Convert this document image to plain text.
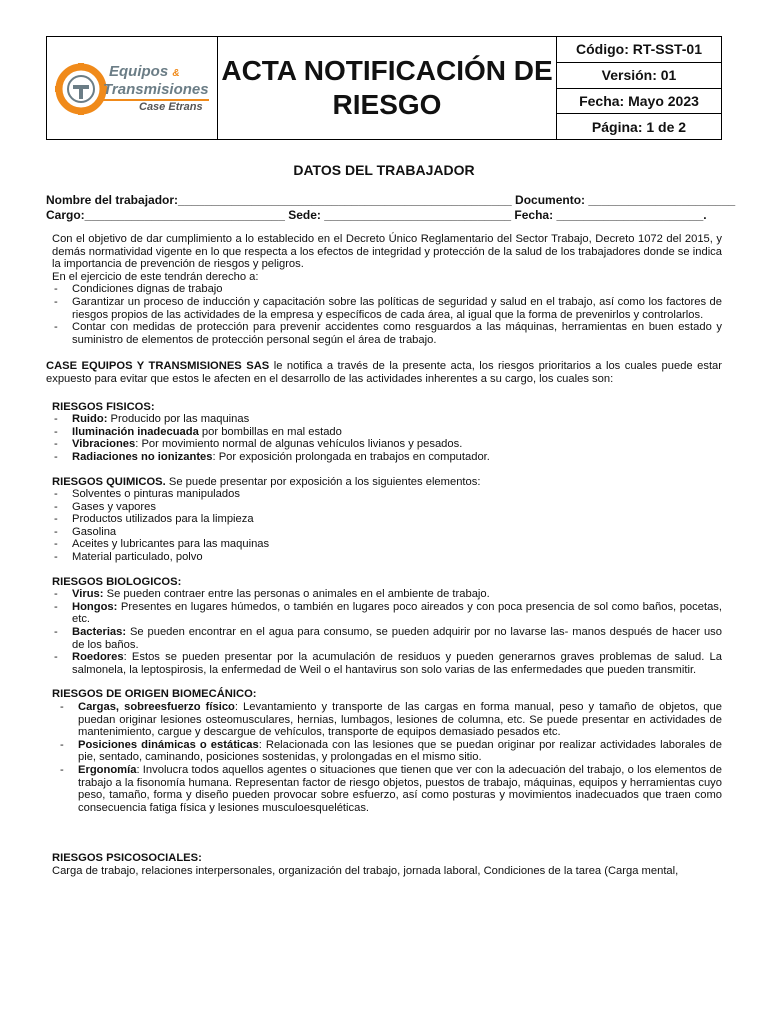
Equipos &
Transmisiones
Case Etrans
ACTA NOTIFICACIÓN DE
RIESGO
Código: RT-SST-01
Versión: 01
Fecha: Mayo 2023
Página: 1 de 2
DATOS DEL TRABAJADOR
Nombre del trabajador:__________________________________________________ Documento: ______________________
Cargo:______________________________ Sede: ____________________________ Fecha: ______________________.

Con el objetivo de dar cumplimiento a lo establecido en el Decreto Único Reglamentario del Sector Trabajo, Decreto 1072 del 2015, y demás normatividad vigente en lo que respecta a los efectos de integridad y protección de la salud de los trabajadores donde se indica la importancia de prevención de riesgos y peligros.

En el ejercicio de este tendrán derecho a:

- Condiciones dignas de trabajo
- Garantizar un proceso de inducción y capacitación sobre las políticas de seguridad y salud en el trabajo, así como los factores de riesgos propios de las actividades de la empresa y específicos de cada área, al igual que la forma de prevenirlos y controlarlos.
- Contar con medidas de protección para prevenir accidentes como resguardos a las máquinas, herramientas en buen estado y suministro de elementos de protección personal según el área de trabajo.

CASE EQUIPOS Y TRANSMISIONES SAS le notifica a través de la presente acta, los riesgos prioritarios a los cuales puede estar expuesto para evitar que estos le afecten en el desarrollo de las actividades inherentes a su cargo, los cuales son:

RIESGOS FISICOS:

- Ruido: Producido por las maquinas
- Iluminación inadecuada por bombillas en mal estado
- Vibraciones: Por movimiento normal de algunas vehículos livianos y pesados.
- Radiaciones no ionizantes: Por exposición prolongada en trabajos en computador.

RIESGOS QUIMICOS. Se puede presentar por exposición a los siguientes elementos:

- Solventes o pinturas manipulados
- Gases y vapores
- Productos utilizados para la limpieza
- Gasolina
- Aceites y lubricantes para las maquinas
- Material particulado, polvo

RIESGOS BIOLOGICOS:

- Virus: Se pueden contraer entre las personas o animales en el ambiente de trabajo.
- Hongos: Presentes en lugares húmedos, o también en lugares poco aireados y con poca presencia de sol como baños, pocetas, etc.
- Bacterias: Se pueden encontrar en el agua para consumo, se pueden adquirir por no lavarse las- manos después de hacer uso de los baños.
- Roedores: Estos se pueden presentar por la acumulación de residuos y pueden generarnos graves problemas de salud. La salmonela, la leptospirosis, la enfermedad de Weil o el hantavirus son solo varias de las enfermedades que pueden transmitir.

RIESGOS DE ORIGEN BIOMECÁNICO:

- Cargas, sobreesfuerzo físico: Levantamiento y transporte de las cargas en forma manual, peso y tamaño de objetos, que puedan originar lesiones osteomusculares, hernias, lumbagos, lesiones de columna, etc. Se puede presentar en actividades de mantenimiento, cargue y descargue de vehículos, transporte de equipos demasiado pesados etc.
- Posiciones dinámicas o estáticas: Relacionada con las lesiones que se puedan originar por realizar actividades laborales de pie, sentado, caminando, posiciones sostenidas, y prolongadas en el mismo sitio.
- Ergonomía: Involucra todos aquellos agentes o situaciones que tienen que ver con la adecuación del trabajo, o los elementos de trabajo a la fisonomía humana. Representan factor de riesgo objetos, puestos de trabajo, máquinas, equipos y herramientas cuyo peso, tamaño, forma y diseño pueden provocar sobre esfuerzo, así como posturas y movimientos inadecuados que traen como consecuencia fatiga física y lesiones musculoesqueléticas.

RIESGOS PSICOSOCIALES:

Carga de trabajo, relaciones interpersonales, organización del trabajo, jornada laboral, Condiciones de la tarea (Carga mental,
